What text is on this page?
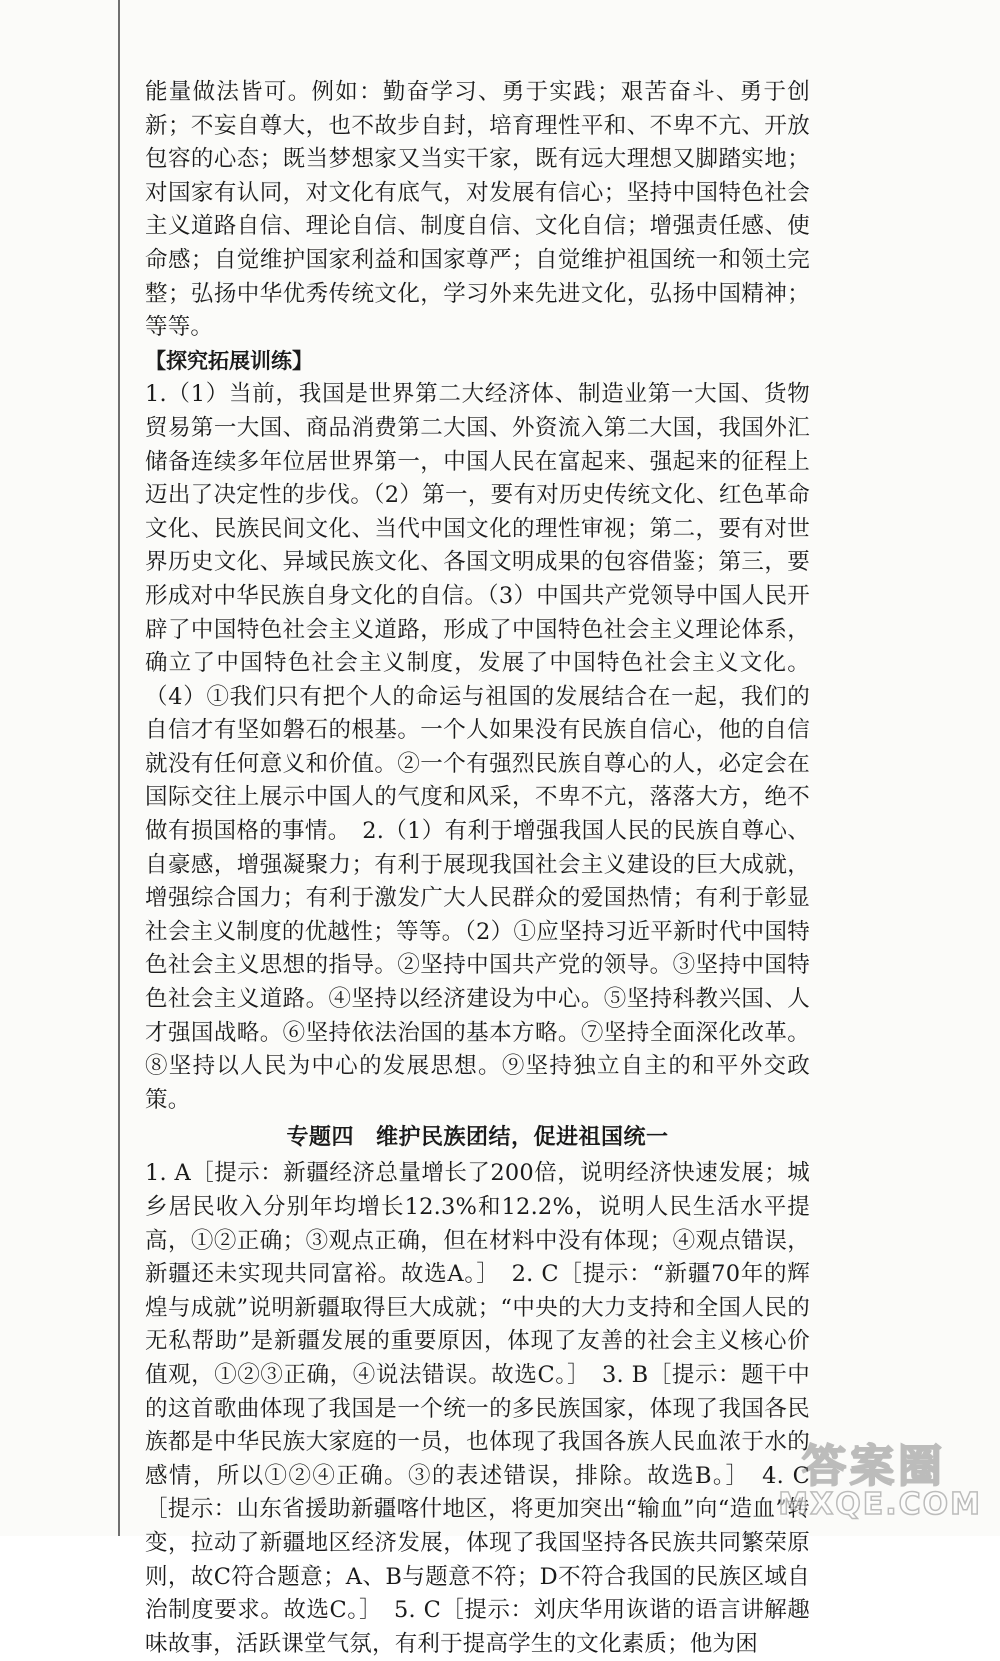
能量做法皆可。例如：勤奋学习、勇于实践；艰苦奋斗、勇于创新；不妄自尊大，也不故步自封，培育理性平和、不卑不亢、开放包容的心态；既当梦想家又当实干家，既有远大理想又脚踏实地；对国家有认同，对文化有底气，对发展有信心；坚持中国特色社会主义道路自信、理论自信、制度自信、文化自信；增强责任感、使命感；自觉维护国家利益和国家尊严；自觉维护祖国统一和领土完整；弘扬中华优秀传统文化，学习外来先进文化，弘扬中国精神；等等。

【探究拓展训练】

1.（1）当前，我国是世界第二大经济体、制造业第一大国、货物贸易第一大国、商品消费第二大国、外资流入第二大国，我国外汇储备连续多年位居世界第一，中国人民在富起来、强起来的征程上迈出了决定性的步伐。（2）第一，要有对历史传统文化、红色革命文化、民族民间文化、当代中国文化的理性审视；第二，要有对世界历史文化、异域民族文化、各国文明成果的包容借鉴；第三，要形成对中华民族自身文化的自信。（3）中国共产党领导中国人民开辟了中国特色社会主义道路，形成了中国特色社会主义理论体系，确立了中国特色社会主义制度，发展了中国特色社会主义文化。（4）①我们只有把个人的命运与祖国的发展结合在一起，我们的自信才有坚如磐石的根基。一个人如果没有民族自信心，他的自信就没有任何意义和价值。②一个有强烈民族自尊心的人，必定会在国际交往上展示中国人的气度和风采，不卑不亢，落落大方，绝不做有损国格的事情。　2.（1）有利于增强我国人民的民族自尊心、自豪感，增强凝聚力；有利于展现我国社会主义建设的巨大成就，增强综合国力；有利于激发广大人民群众的爱国热情；有利于彰显社会主义制度的优越性；等等。（2）①应坚持习近平新时代中国特色社会主义思想的指导。②坚持中国共产党的领导。③坚持中国特色社会主义道路。④坚持以经济建设为中心。⑤坚持科教兴国、人才强国战略。⑥坚持依法治国的基本方略。⑦坚持全面深化改革。⑧坚持以人民为中心的发展思想。⑨坚持独立自主的和平外交政策。

专题四 维护民族团结，促进祖国统一

1. A［提示：新疆经济总量增长了200倍，说明经济快速发展；城乡居民收入分别年均增长12.3%和12.2%，说明人民生活水平提高，①②正确；③观点正确，但在材料中没有体现；④观点错误，新疆还未实现共同富裕。故选A。］　2. C［提示：“新疆70年的辉煌与成就”说明新疆取得巨大成就；“中央的大力支持和全国人民的无私帮助”是新疆发展的重要原因，体现了友善的社会主义核心价值观，①②③正确，④说法错误。故选C。］　3. B［提示：题干中的这首歌曲体现了我国是一个统一的多民族国家，体现了我国各民族都是中华民族大家庭的一员，也体现了我国各族人民血浓于水的感情，所以①②④正确。③的表述错误，排除。故选B。］　4. C［提示：山东省援助新疆喀什地区，将更加突出“输血”向“造血”转变，拉动了新疆地区经济发展，体现了我国坚持各民族共同繁荣原则，故C符合题意；A、B与题意不符；D不符合我国的民族区域自治制度要求。故选C。］　5. C［提示：刘庆华用诙谐的语言讲解趣味故事，活跃课堂气氛，有利于提高学生的文化素质；他为困

答案圈
MXQE.COM
